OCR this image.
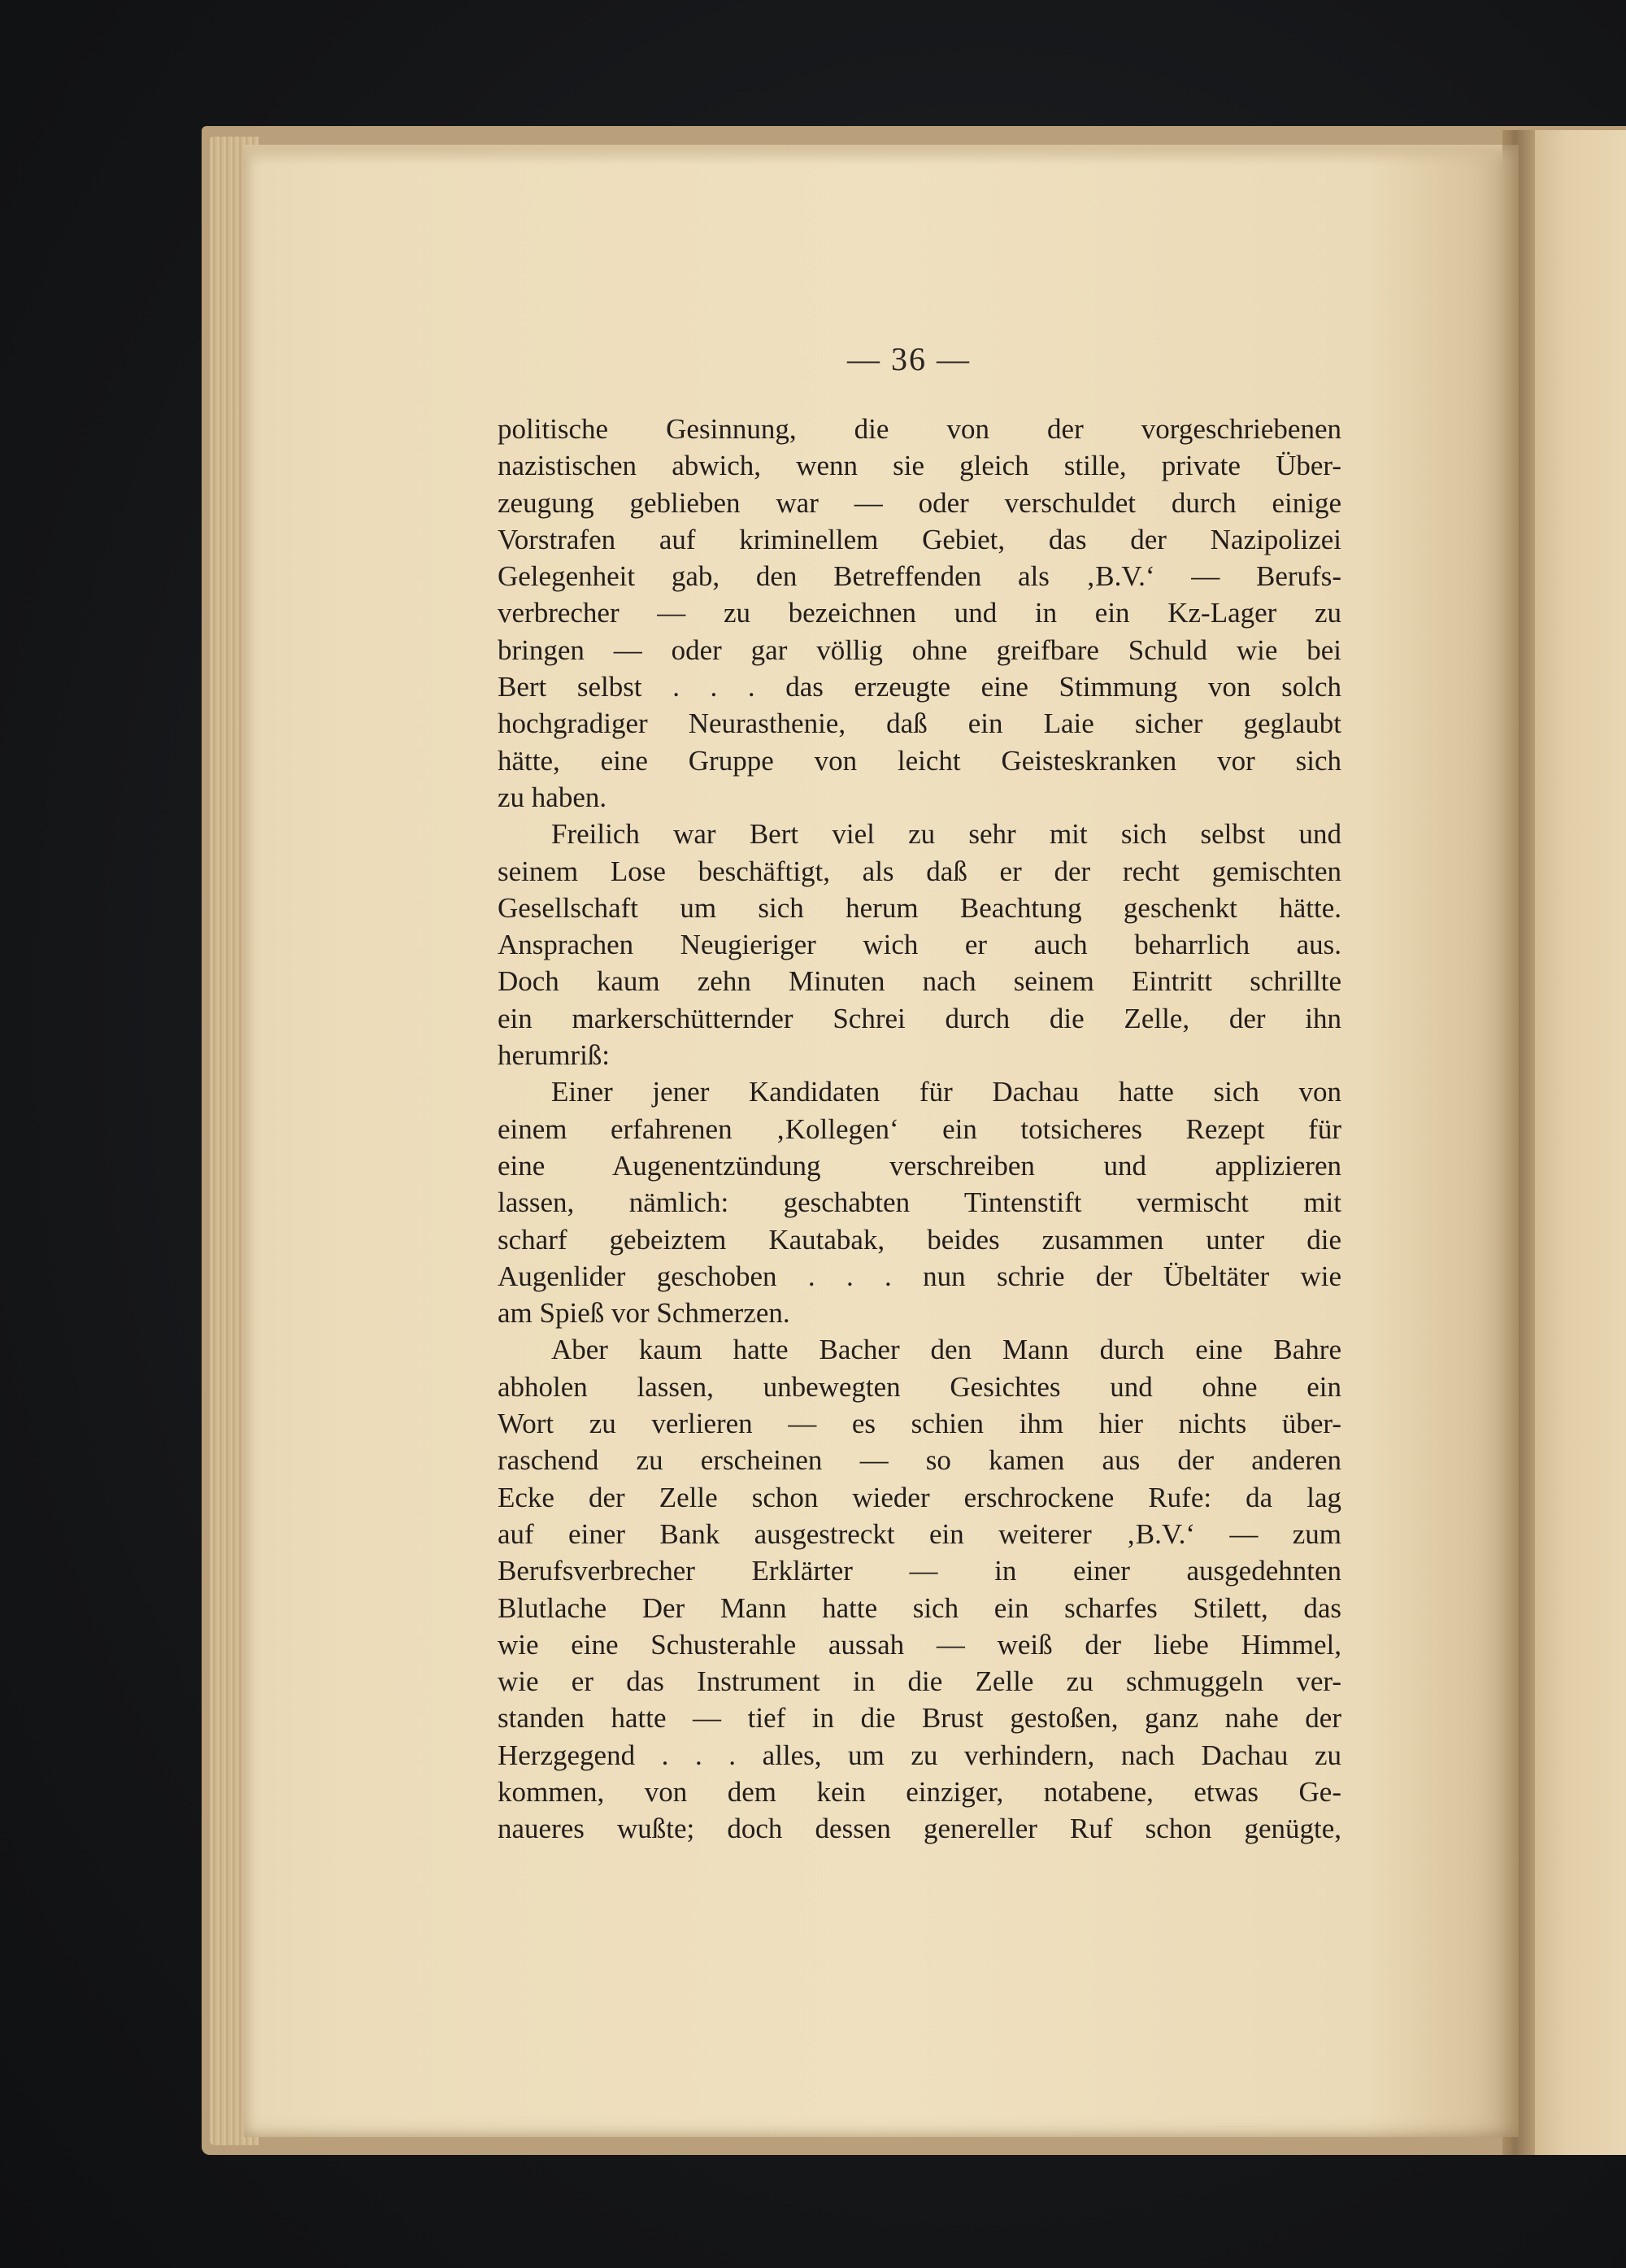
— 36 —
politische Gesinnung, die von der vorgeschriebenen
nazistischen abwich, wenn sie gleich stille, private Über-
zeugung geblieben war — oder verschuldet durch einige
Vorstrafen auf kriminellem Gebiet, das der Nazipolizei
Gelegenheit gab, den Betreffenden als ‚B.V.‘ — Berufs-
verbrecher — zu bezeichnen und in ein Kz-Lager zu
bringen — oder gar völlig ohne greifbare Schuld wie bei
Bert selbst . . . das erzeugte eine Stimmung von solch
hochgradiger Neurasthenie, daß ein Laie sicher geglaubt
hätte, eine Gruppe von leicht Geisteskranken vor sich
zu haben.
Freilich war Bert viel zu sehr mit sich selbst und
seinem Lose beschäftigt, als daß er der recht gemischten
Gesellschaft um sich herum Beachtung geschenkt hätte.
Ansprachen Neugieriger wich er auch beharrlich aus.
Doch kaum zehn Minuten nach seinem Eintritt schrillte
ein markerschütternder Schrei durch die Zelle, der ihn
herumriß:
Einer jener Kandidaten für Dachau hatte sich von
einem erfahrenen ‚Kollegen‘ ein totsicheres Rezept für
eine Augenentzündung verschreiben und applizieren
lassen, nämlich: geschabten Tintenstift vermischt mit
scharf gebeiztem Kautabak, beides zusammen unter die
Augenlider geschoben . . . nun schrie der Übeltäter wie
am Spieß vor Schmerzen.
Aber kaum hatte Bacher den Mann durch eine Bahre
abholen lassen, unbewegten Gesichtes und ohne ein
Wort zu verlieren — es schien ihm hier nichts über-
raschend zu erscheinen — so kamen aus der anderen
Ecke der Zelle schon wieder erschrockene Rufe: da lag
auf einer Bank ausgestreckt ein weiterer ‚B.V.‘ — zum
Berufsverbrecher Erklärter — in einer ausgedehnten
Blutlache Der Mann hatte sich ein scharfes Stilett, das
wie eine Schusterahle aussah — weiß der liebe Himmel,
wie er das Instrument in die Zelle zu schmuggeln ver-
standen hatte — tief in die Brust gestoßen, ganz nahe der
Herzgegend . . . alles, um zu verhindern, nach Dachau zu
kommen, von dem kein einziger, notabene, etwas Ge-
naueres wußte; doch dessen genereller Ruf schon genügte,
